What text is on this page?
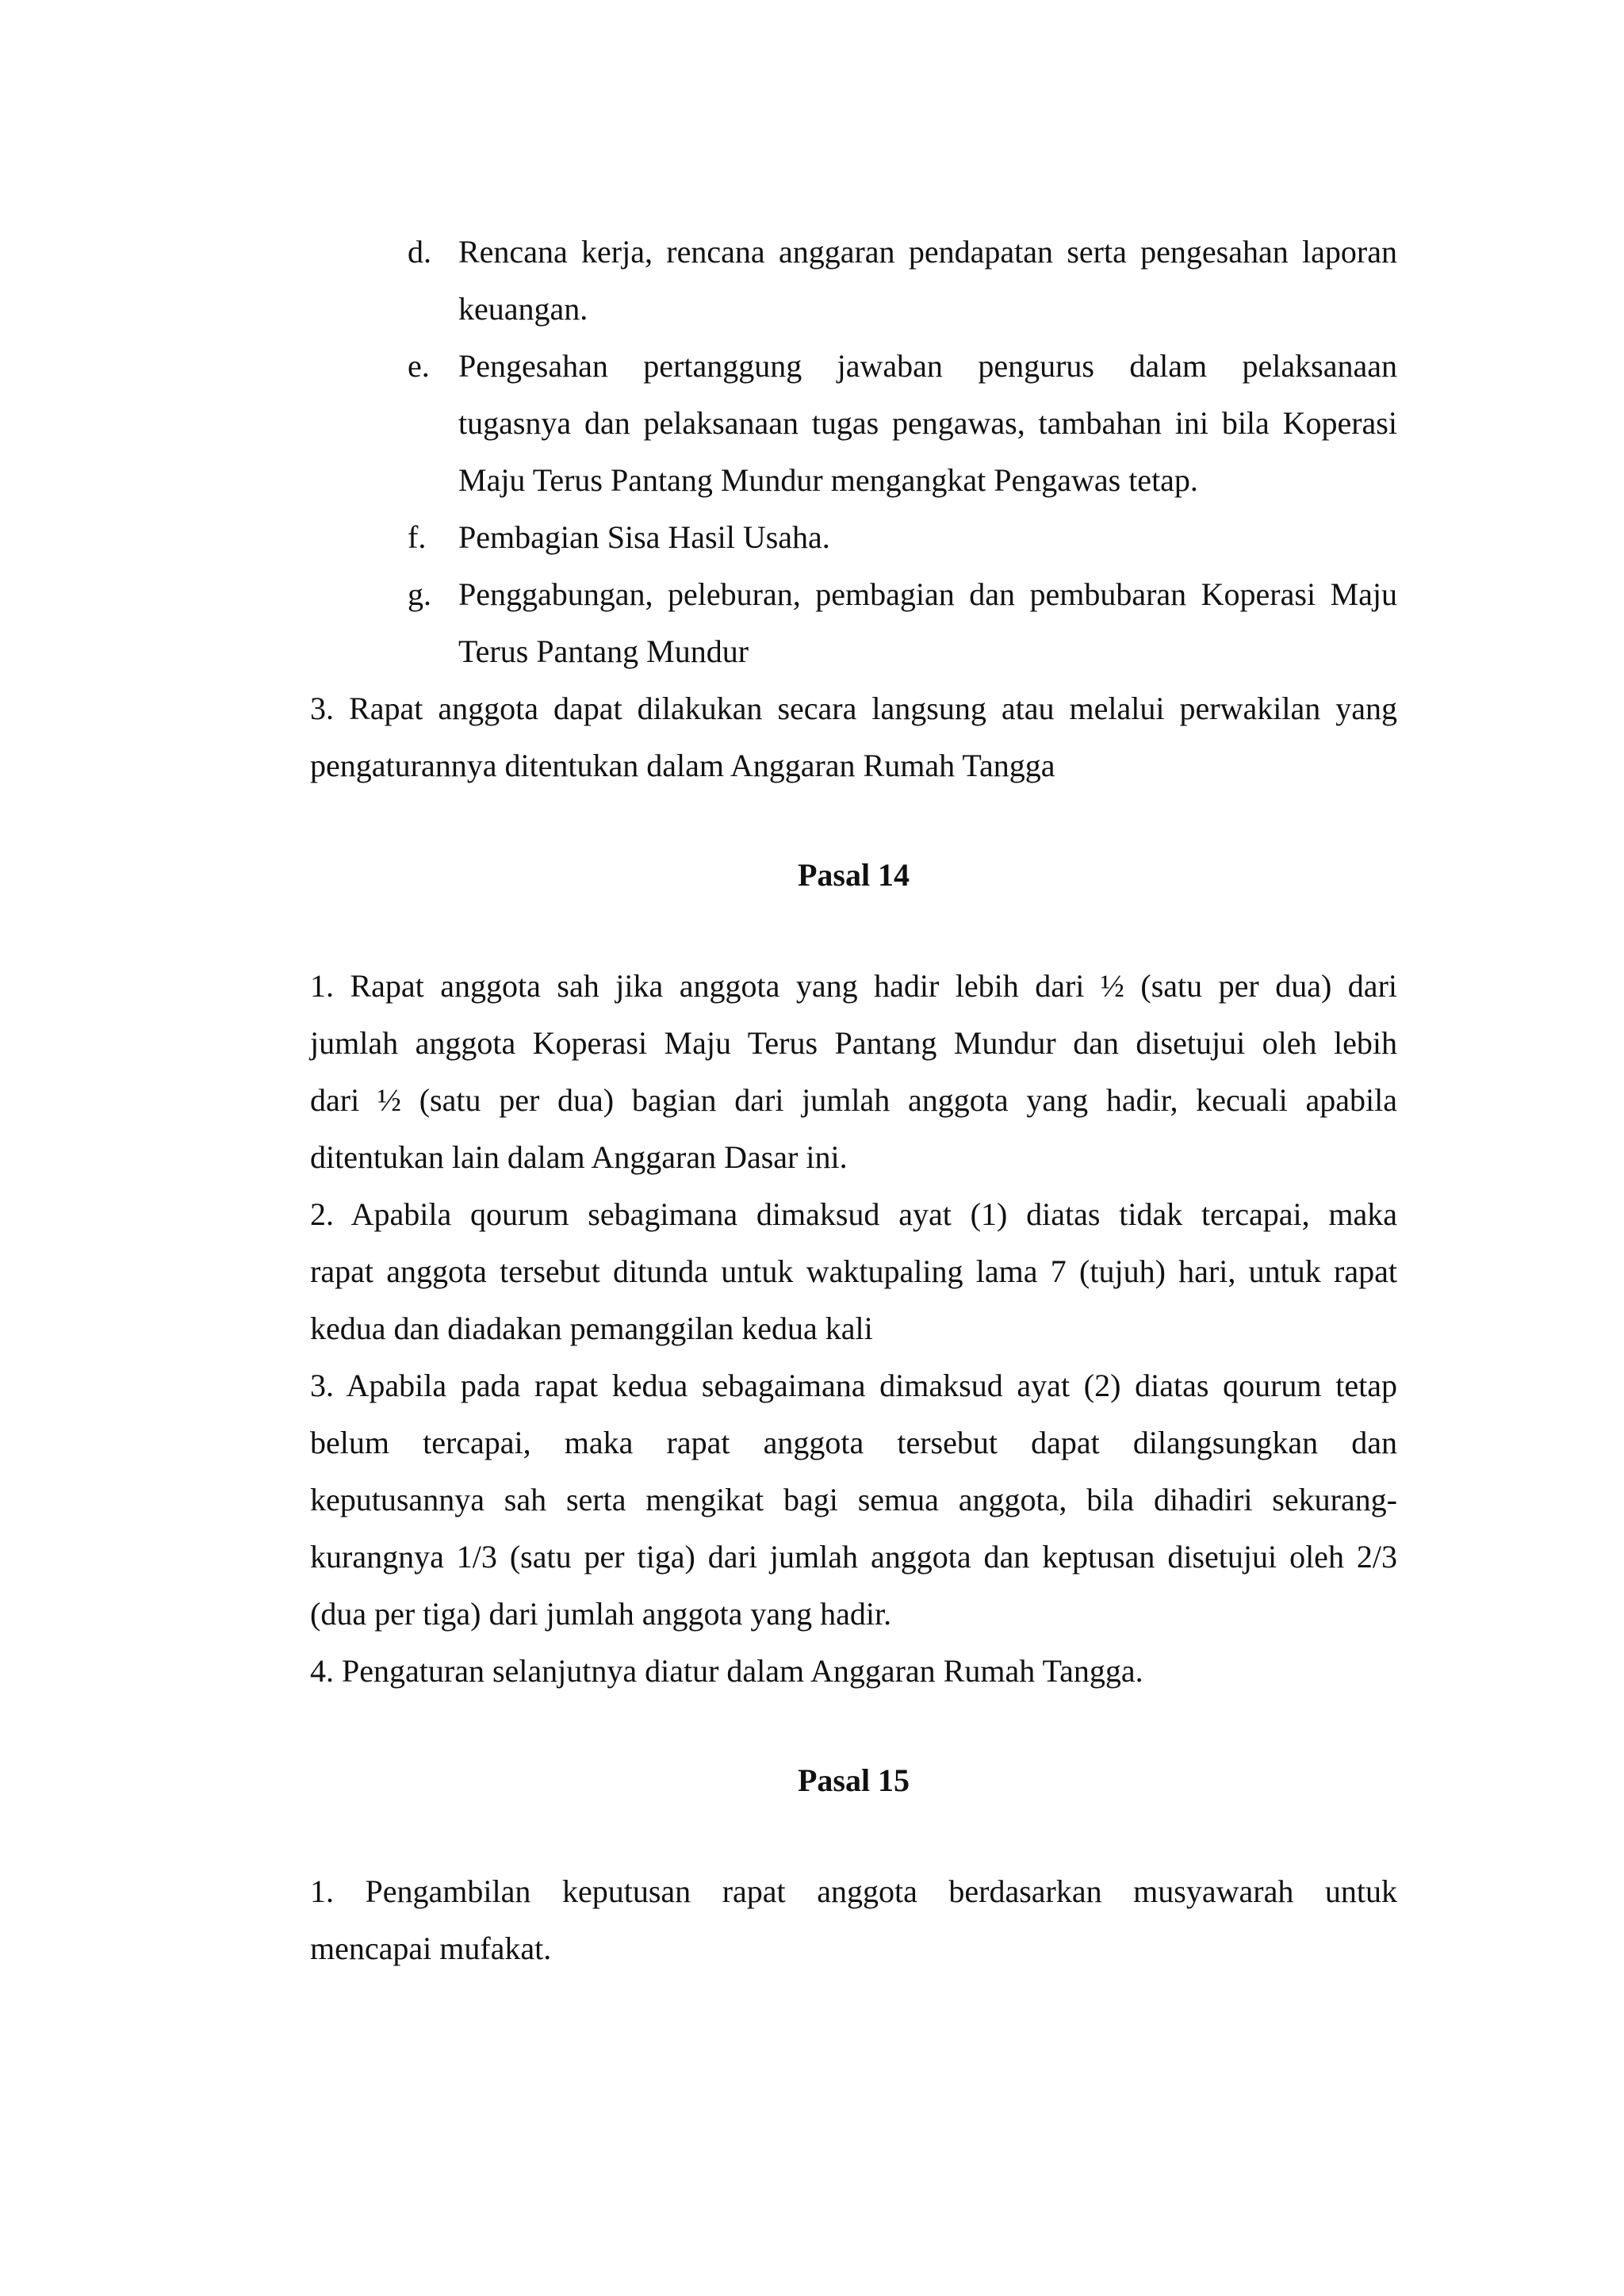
d. Rencana kerja, rencana anggaran pendapatan serta pengesahan laporan
keuangan.
e. Pengesahan pertanggung jawaban pengurus dalam pelaksanaan
tugasnya dan pelaksanaan tugas pengawas, tambahan ini bila Koperasi
Maju Terus Pantang Mundur mengangkat Pengawas tetap.
f.	Pembagian Sisa Hasil Usaha.
g. Penggabungan, peleburan, pembagian dan pembubaran Koperasi Maju
Terus Pantang Mundur
3. Rapat anggota dapat dilakukan secara langsung atau melalui perwakilan yang
pengaturannya ditentukan dalam Anggaran Rumah Tangga
Pasal 14
1. Rapat anggota sah jika anggota yang hadir lebih dari ½ (satu per dua) dari
jumlah anggota Koperasi Maju Terus Pantang Mundur dan disetujui oleh lebih
dari ½ (satu per dua) bagian dari jumlah anggota yang hadir, kecuali apabila
ditentukan lain dalam Anggaran Dasar ini.
2. Apabila qourum sebagimana dimaksud ayat (1) diatas tidak tercapai, maka
rapat anggota tersebut ditunda untuk waktupaling lama 7 (tujuh) hari, untuk rapat
kedua dan diadakan pemanggilan kedua kali
3. Apabila pada rapat kedua sebagaimana dimaksud ayat (2) diatas qourum tetap
belum tercapai, maka rapat anggota tersebut dapat dilangsungkan dan
keputusannya sah serta mengikat bagi semua anggota, bila dihadiri sekurang-
kurangnya 1/3 (satu per tiga) dari jumlah anggota dan keptusan disetujui oleh 2/3
(dua per tiga) dari jumlah anggota yang hadir.
4. Pengaturan selanjutnya diatur dalam Anggaran Rumah Tangga.
Pasal 15
1. Pengambilan keputusan rapat anggota berdasarkan musyawarah untuk
mencapai mufakat.
